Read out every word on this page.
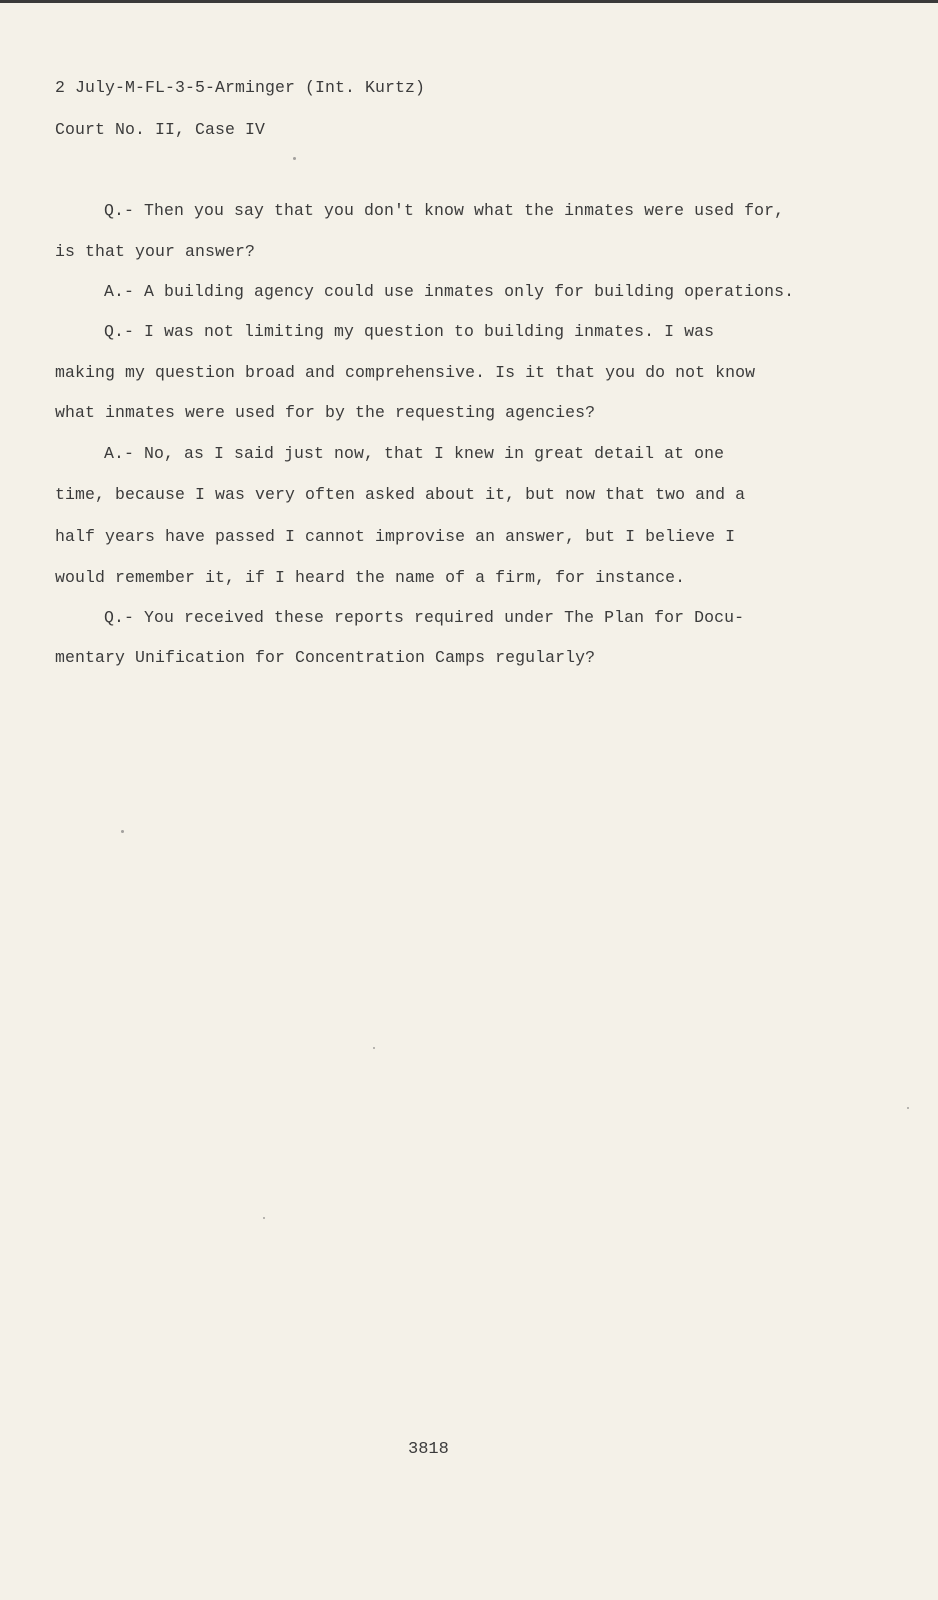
2 July-M-FL-3-5-Arminger (Int. Kurtz)
Court No. II, Case IV
Q.- Then you say that you don't know what the inmates were used for,
is that your answer?
A.- A building agency could use inmates only for building operations.
Q.- I was not limiting my question to building inmates. I was
making my question broad and comprehensive. Is it that you do not know
what inmates were used for by the requesting agencies?
A.- No, as I said just now, that I knew in great detail at one
time, because I was very often asked about it, but now that two and a
half years have passed I cannot improvise an answer, but I believe I
would remember it, if I heard the name of a firm, for instance.
Q.- You received these reports required under The Plan for Docu-
mentary Unification for Concentration Camps regularly?
3818
